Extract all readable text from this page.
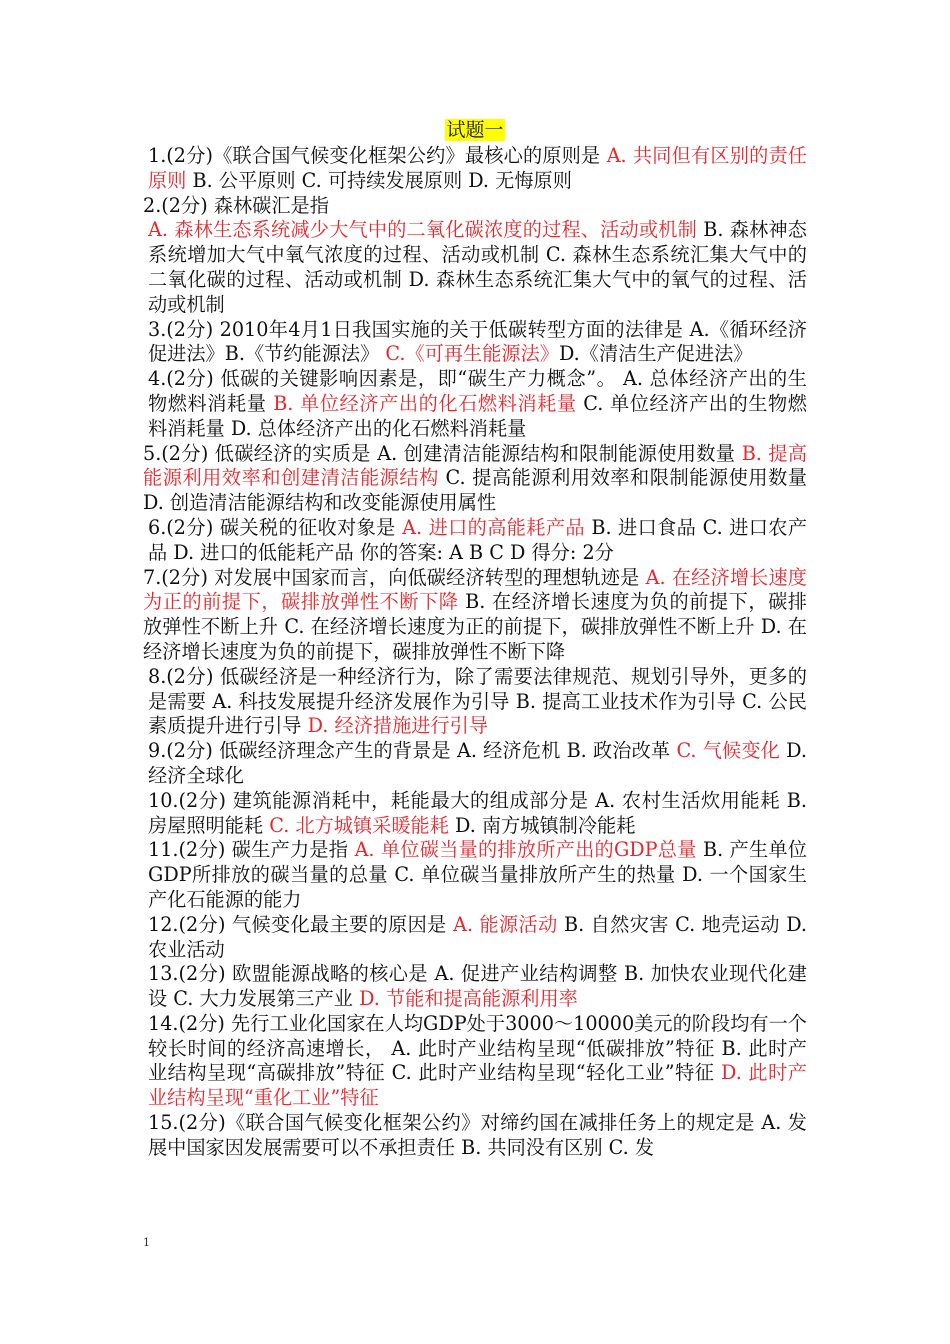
试题一

1.(2分)《联合国气候变化框架公约》最核心的原则是 A. 共同但有区别的责任原则 B. 公平原则 C. 可持续发展原则 D. 无悔原则

2.(2分) 森林碳汇是指

A. 森林生态系统减少大气中的二氧化碳浓度的过程、活动或机制 B. 森林神态系统增加大气中氧气浓度的过程、活动或机制 C. 森林生态系统汇集大气中的二氧化碳的过程、活动或机制 D. 森林生态系统汇集大气中的氧气的过程、活动或机制

3.(2分) 2010年4月1日我国实施的关于低碳转型方面的法律是 A.《循环经济促进法》B.《节约能源法》 C.《可再生能源法》D.《清洁生产促进法》

4.(2分) 低碳的关键影响因素是，即“碳生产力概念”。 A. 总体经济产出的生物燃料消耗量 B. 单位经济产出的化石燃料消耗量 C. 单位经济产出的生物燃料消耗量 D. 总体经济产出的化石燃料消耗量

5.(2分) 低碳经济的实质是 A. 创建清洁能源结构和限制能源使用数量 B. 提高能源利用效率和创建清洁能源结构 C. 提高能源利用效率和限制能源使用数量 D. 创造清洁能源结构和改变能源使用属性

6.(2分) 碳关税的征收对象是 A. 进口的高能耗产品 B. 进口食品 C. 进口农产品 D. 进口的低能耗产品 你的答案: A B C D 得分: 2分

7.(2分) 对发展中国家而言，向低碳经济转型的理想轨迹是 A. 在经济增长速度为正的前提下，碳排放弹性不断下降 B. 在经济增长速度为负的前提下，碳排放弹性不断上升 C. 在经济增长速度为正的前提下，碳排放弹性不断上升 D. 在经济增长速度为负的前提下，碳排放弹性不断下降

8.(2分) 低碳经济是一种经济行为，除了需要法律规范、规划引导外，更多的是需要 A. 科技发展提升经济发展作为引导 B. 提高工业技术作为引导 C. 公民素质提升进行引导 D. 经济措施进行引导

9.(2分) 低碳经济理念产生的背景是 A. 经济危机 B. 政治改革 C. 气候变化 D. 经济全球化

10.(2分) 建筑能源消耗中，耗能最大的组成部分是 A. 农村生活炊用能耗 B. 房屋照明能耗 C. 北方城镇采暖能耗 D. 南方城镇制冷能耗

11.(2分) 碳生产力是指 A. 单位碳当量的排放所产出的GDP总量 B. 产生单位GDP所排放的碳当量的总量 C. 单位碳当量排放所产生的热量 D. 一个国家生产化石能源的能力

12.(2分) 气候变化最主要的原因是 A. 能源活动 B. 自然灾害 C. 地壳运动 D. 农业活动

13.(2分) 欧盟能源战略的核心是 A. 促进产业结构调整 B. 加快农业现代化建设 C. 大力发展第三产业 D. 节能和提高能源利用率

14.(2分) 先行工业化国家在人均GDP处于3000～10000美元的阶段均有一个较长时间的经济高速增长， A. 此时产业结构呈现“低碳排放”特征 B. 此时产业结构呈现“高碳排放”特征 C. 此时产业结构呈现“轻化工业”特征 D. 此时产业结构呈现“重化工业”特征

15.(2分)《联合国气候变化框架公约》对缔约国在减排任务上的规定是 A. 发展中国家因发展需要可以不承担责任 B. 共同没有区别 C. 发

1
